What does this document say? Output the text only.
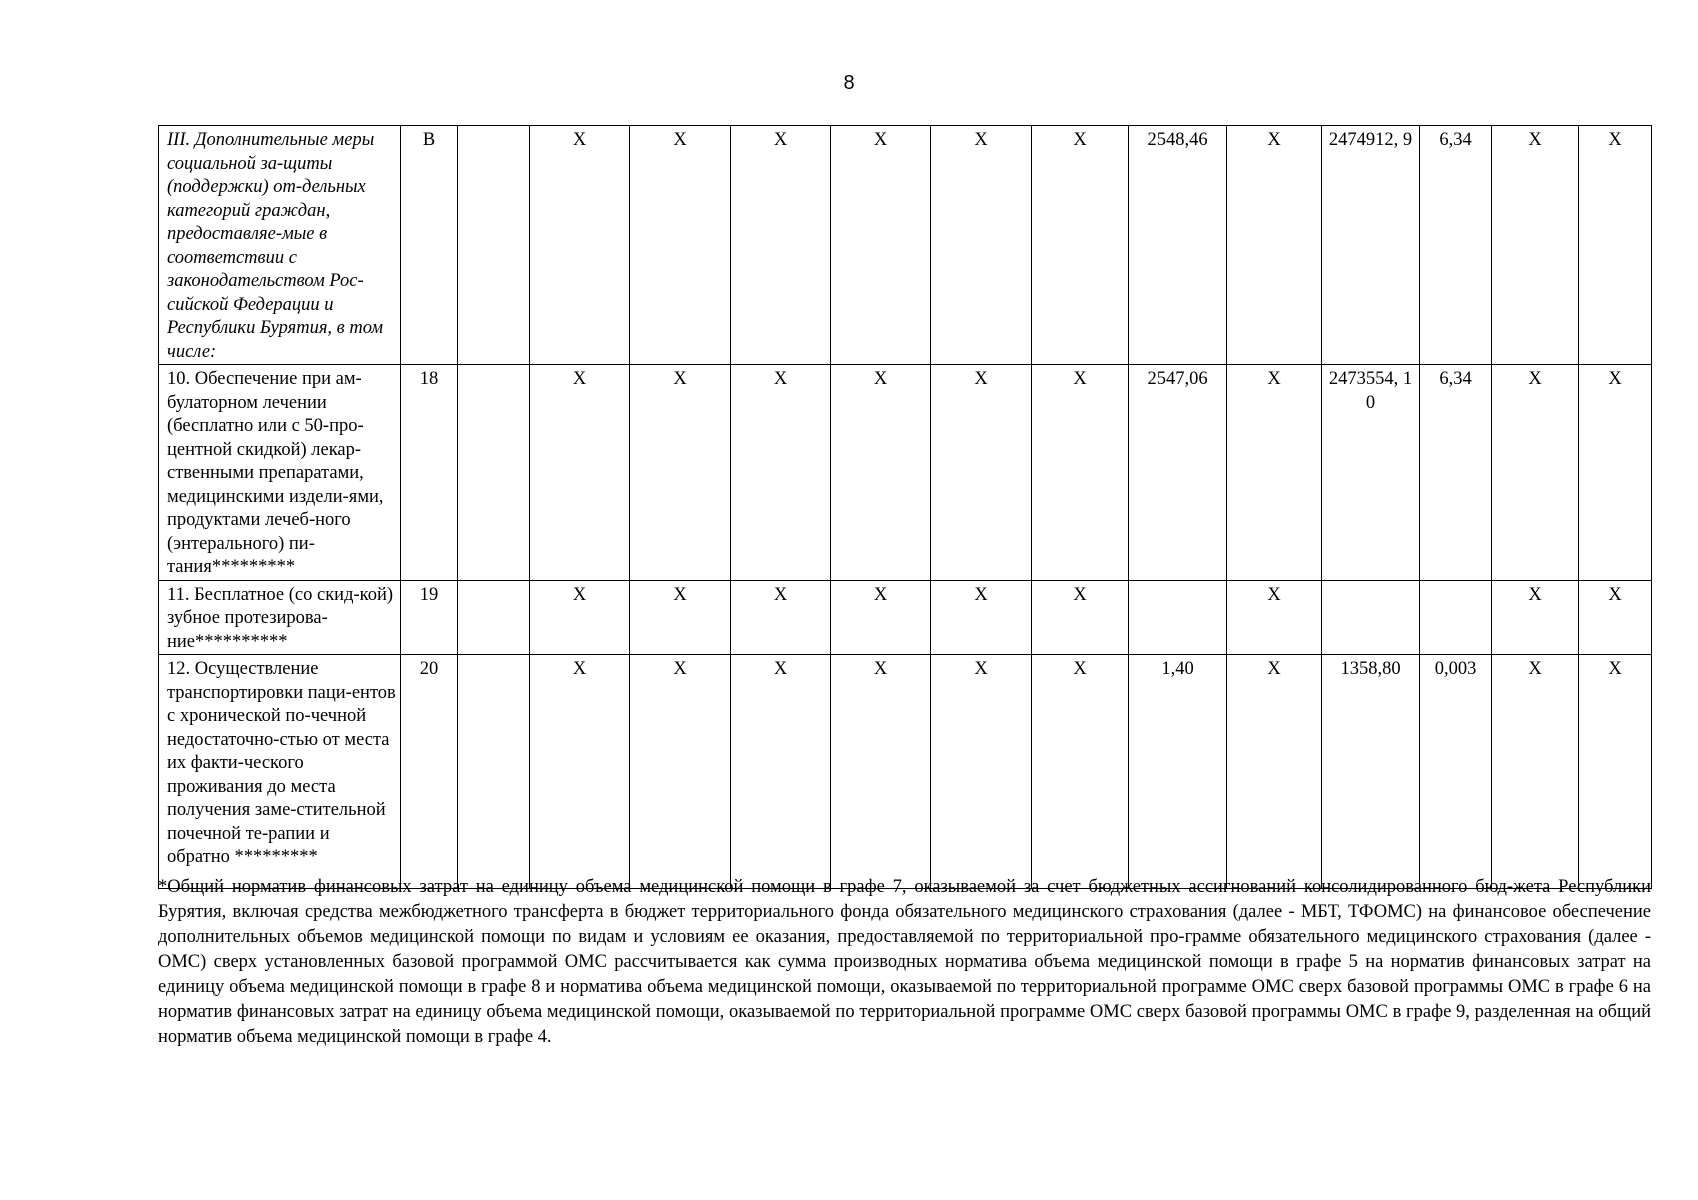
8
III. Дополнительные меры социальной за-щиты (поддержки) от-дельных категорий граждан, предоставляе-мые в соответствии с законодательством Рос-сийской Федерации и Республики Бурятия, в том числе:	В		Х	Х	Х	Х	Х	Х	2548,46	Х	2474912, 9	6,34	Х	Х
10. Обеспечение при ам-булаторном лечении (бесплатно или с 50-про-центной скидкой) лекар-ственными препаратами, медицинскими издели-ями, продуктами лечеб-ного (энтерального) пи-тания*********	18		Х	Х	Х	Х	Х	Х	2547,06	Х	2473554, 10	6,34	Х	Х
11. Бесплатное (со скид-кой) зубное протезирова-ние**********	19		Х	Х	Х	Х	Х	Х		Х			Х	Х
12. Осуществление транспортировки паци-ентов с хронической по-чечной недостаточно-стью от места их факти-ческого проживания до места получения заме-стительной почечной те-рапии и обратно *********	20		Х	Х	Х	Х	Х	Х	1,40	Х	1358,80	0,003	Х	Х
*Общий норматив финансовых затрат на единицу объема медицинской помощи в графе 7, оказываемой за счет бюджетных ассигнований консолидированного бюд-жета Республики Бурятия, включая средства межбюджетного трансферта в бюджет территориального фонда обязательного медицинского страхования (далее - МБТ, ТФОМС) на финансовое обеспечение дополнительных объемов медицинской помощи по видам и условиям ее оказания, предоставляемой по территориальной про-грамме обязательного медицинского страхования (далее - ОМС) сверх установленных базовой программой ОМС рассчитывается как сумма производных норматива объема медицинской помощи в графе 5 на норматив финансовых затрат на единицу объема медицинской помощи в графе 8 и норматива объема медицинской помощи, оказываемой по территориальной программе ОМС сверх базовой программы ОМС в графе 6 на норматив финансовых затрат на единицу объема медицинской помощи, оказываемой по территориальной программе ОМС сверх базовой программы ОМС в графе 9, разделенная на общий норматив объема медицинской помощи в графе 4.
